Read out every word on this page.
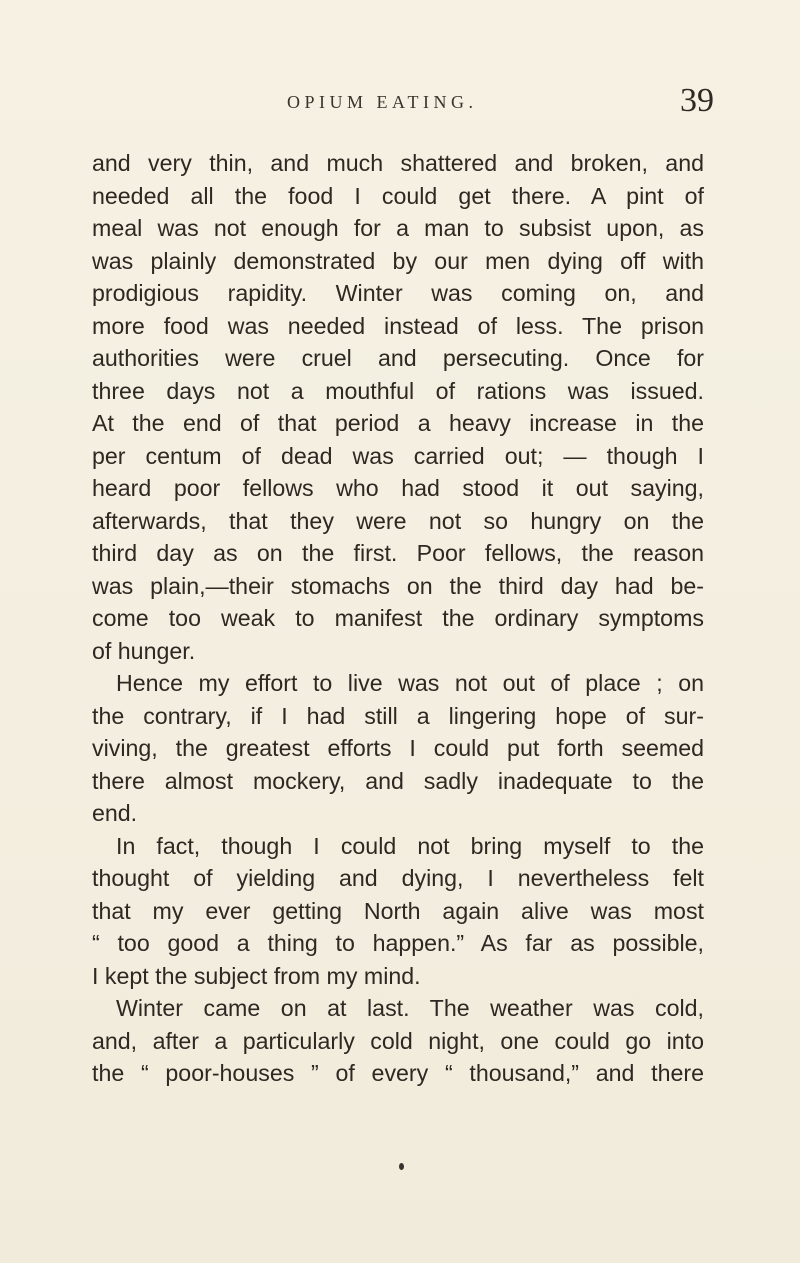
OPIUM EATING.	39
and very thin, and much shattered and broken, and
needed all the food I could get there. A pint of
meal was not enough for a man to subsist upon, as
was plainly demonstrated by our men dying off with
prodigious rapidity. Winter was coming on, and
more food was needed instead of less. The prison
authorities were cruel and persecuting. Once for
three days not a mouthful of rations was issued.
At the end of that period a heavy increase in the
per centum of dead was carried out; — though I
heard poor fellows who had stood it out saying,
afterwards, that they were not so hungry on the
third day as on the first. Poor fellows, the reason
was plain,—their stomachs on the third day had be-
come too weak to manifest the ordinary symptoms
of hunger.
Hence my effort to live was not out of place ; on
the contrary, if I had still a lingering hope of sur-
viving, the greatest efforts I could put forth seemed
there almost mockery, and sadly inadequate to the
end.
In fact, though I could not bring myself to the
thought of yielding and dying, I nevertheless felt
that my ever getting North again alive was most
“ too good a thing to happen.” As far as possible,
I kept the subject from my mind.
Winter came on at last. The weather was cold,
and, after a particularly cold night, one could go into
the “ poor-houses ” of every “ thousand,” and there
